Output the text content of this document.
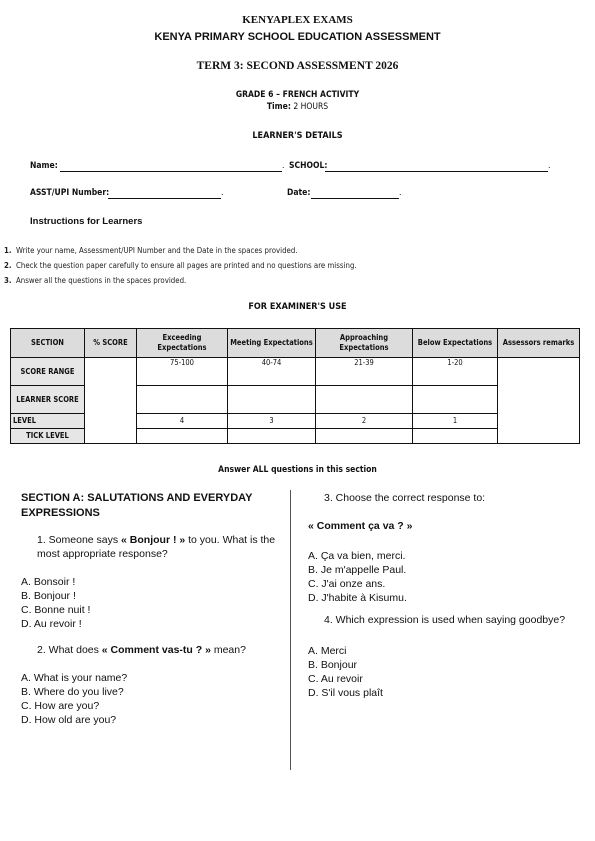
KENYAPLEX EXAMS
KENYA PRIMARY SCHOOL EDUCATION ASSESSMENT
TERM 3: SECOND ASSESSMENT 2026
GRADE 6 – FRENCH ACTIVITY
Time: 2 HOURS
LEARNER'S DETAILS
Name:	. SCHOOL:	.
ASST/UPI Number:	.	Date:	.
Instructions for Learners
1. Write your name, Assessment/UPI Number and the Date in the spaces provided.
2. Check the question paper carefully to ensure all pages are printed and no questions are missing.
3. Answer all the questions in the spaces provided.
FOR EXAMINER'S USE
SECTION	% SCORE	Exceeding Expectations	Meeting Expectations	Approaching Expectations	Below Expectations	Assessors remarks
SCORE RANGE		75-100	40-74	21-39	1-20	
LEARNER SCORE						
LEVEL		4	3	2	1	
TICK LEVEL						
Answer ALL questions in this section
SECTION A: SALUTATIONS AND EVERYDAY EXPRESSIONS
1. Someone says « Bonjour ! » to you. What is the most appropriate response?
A. Bonsoir !
B. Bonjour !
C. Bonne nuit !
D. Au revoir !
2. What does « Comment vas-tu ? » mean?
A. What is your name?
B. Where do you live?
C. How are you?
D. How old are you?
3. Choose the correct response to:
« Comment ça va ? »
A. Ça va bien, merci.
B. Je m'appelle Paul.
C. J'ai onze ans.
D. J'habite à Kisumu.
4. Which expression is used when saying goodbye?
A. Merci
B. Bonjour
C. Au revoir
D. S'il vous plaît
